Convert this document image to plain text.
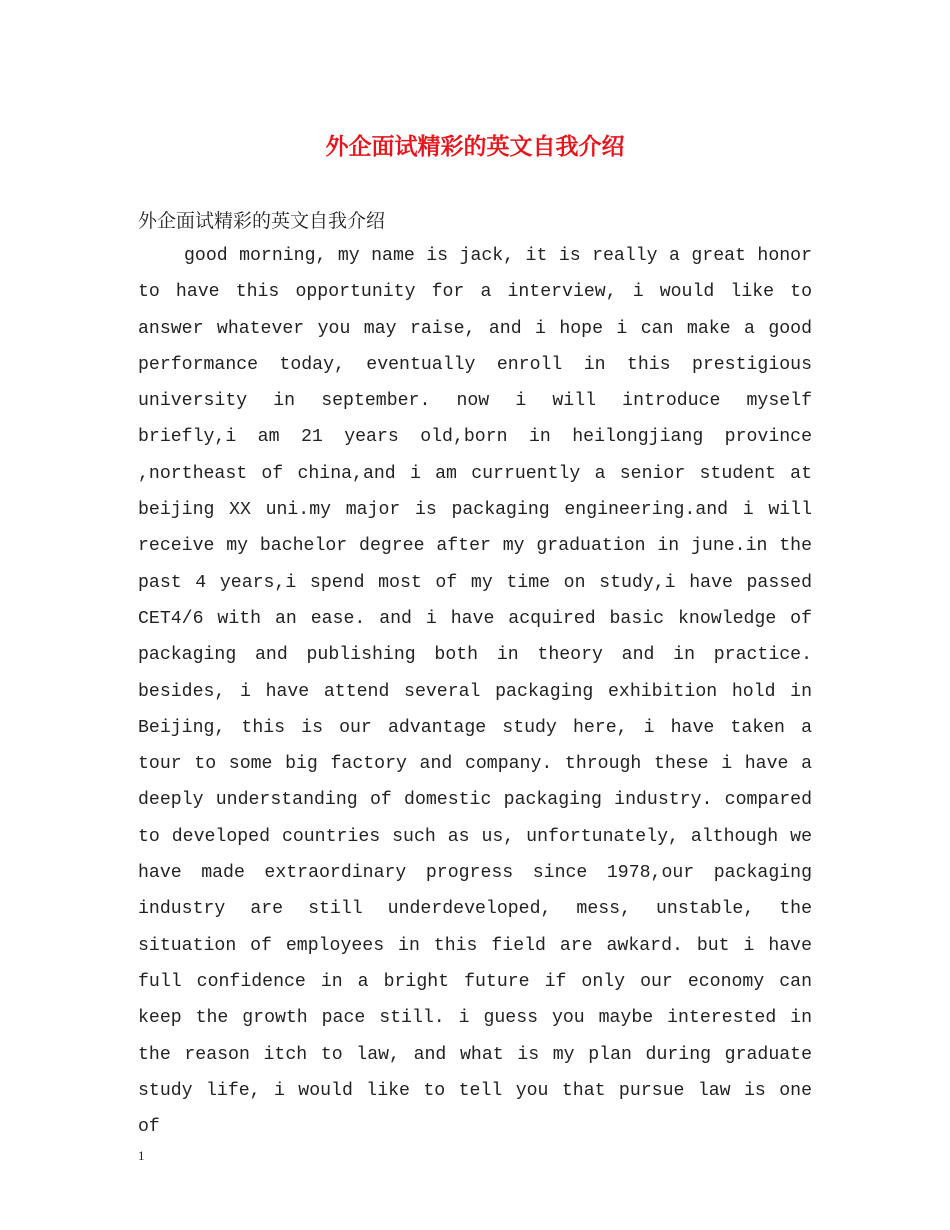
外企面试精彩的英文自我介绍

外企面试精彩的英文自我介绍

good morning, my name is jack, it is really a great honor to have this opportunity for a interview, i would like to answer whatever you may raise, and i hope i can make a good performance today, eventually enroll in this prestigious university in september. now i will introduce myself briefly,i am 21 years old,born in heilongjiang province ,northeast of china,and i am curruently a senior student at beijing XX uni.my major is packaging engineering.and i will receive my bachelor degree after my graduation in june.in the past 4 years,i spend most of my time on study,i have passed CET4/6 with an ease. and i have acquired basic knowledge of packaging and publishing both in theory and in practice. besides, i have attend several packaging exhibition hold in Beijing, this is our advantage study here, i have taken a tour to some big factory and company. through these i have a deeply understanding of domestic packaging industry. compared to developed countries such as us, unfortunately, although we have made extraordinary progress since 1978,our packaging industry are still underdeveloped, mess, unstable, the situation of employees in this field are awkard. but i have full confidence in a bright future if only our economy can keep the growth pace still. i guess you maybe interested in the reason itch to law, and what is my plan during graduate study life, i would like to tell you that pursue law is one of

1
